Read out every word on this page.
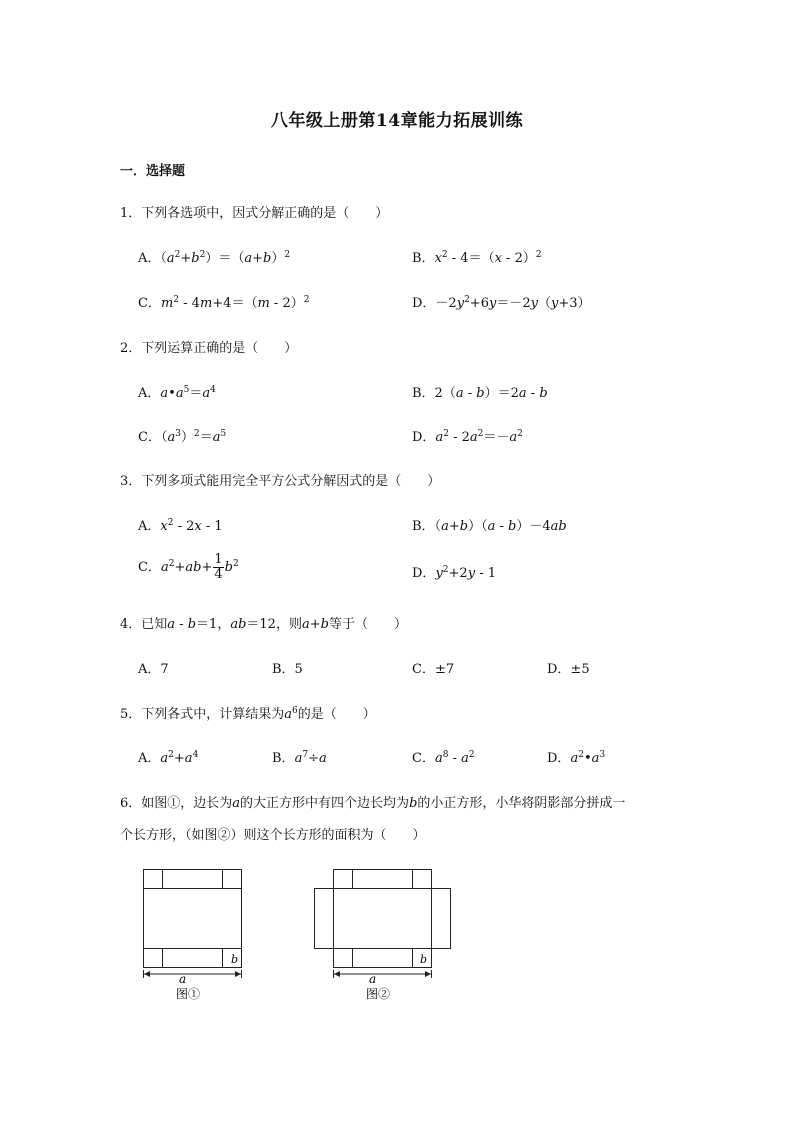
八年级上册第14章能力拓展训练
一．选择题
1．下列各选项中，因式分解正确的是（　　）
A．$(a^2+b^2)=(a+b)^2$	B．$x^2 - 4=(x - 2)^2$
C．$m^2 - 4m+4=(m - 2)^2$	D．$-2y^2+6y=-2y(y+3)$
2．下列运算正确的是（　　）
A．$a•a^5=a^4$	B．2（a - b）＝2a - b
C．$(a^3)^2=a^5$	D．$a^2 - 2a^2=-a^2$
3．下列多项式能用完全平方公式分解因式的是（　　）
A．$x^2 - 2x - 1$	B．（a+b）（a - b）－4ab
C．$a^2+ab+ \frac{1}{4} b^2$
D．$y^2+2y - 1$
4．已知a - b＝1，ab＝12，则a+b等于（　　）
A．7	B．5	C．±7	D．±5
5．下列各式中，计算结果为$a^6$的是（　　）
A．$a^2+a^4$	B．$a^7\div a$	C．$a^8 - a^2$	D．$a^2•a^3$
6．如图①，边长为a的大正方形中有四个边长均为b的小正方形，小华将阴影部分拼成一
个长方形，（如图②）则这个长方形的面积为（　　）
b
a
图①
b
a
图②
